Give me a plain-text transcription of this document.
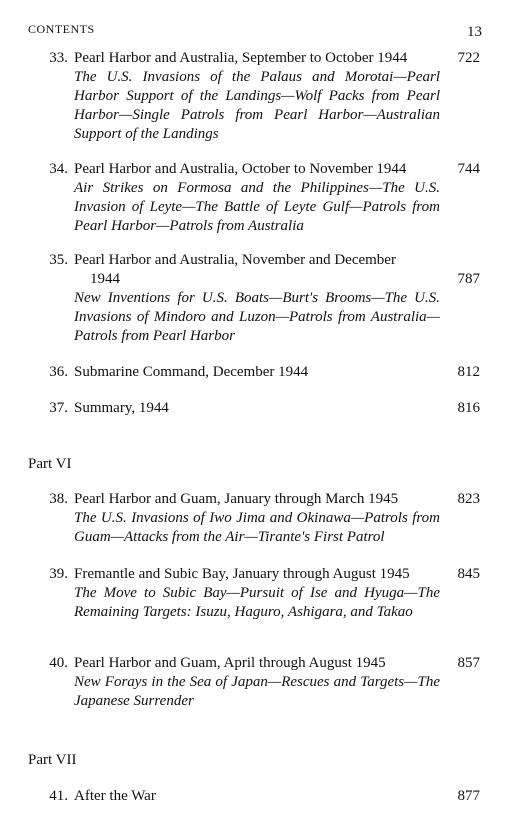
CONTENTS	13
33. Pearl Harbor and Australia, September to October 1944	722
The U.S. Invasions of the Palaus and Morotai—Pearl Harbor Support of the Landings—Wolf Packs from Pearl Harbor—Single Patrols from Pearl Harbor—Australian Support of the Landings
34. Pearl Harbor and Australia, October to November 1944	744
Air Strikes on Formosa and the Philippines—The U.S. Invasion of Leyte—The Battle of Leyte Gulf—Patrols from Pearl Harbor—Patrols from Australia
35. Pearl Harbor and Australia, November and December
1944	787
New Inventions for U.S. Boats—Burt's Brooms—The U.S. Invasions of Mindoro and Luzon—Patrols from Australia—Patrols from Pearl Harbor
36. Submarine Command, December 1944	812
37. Summary, 1944	816
Part VI
38. Pearl Harbor and Guam, January through March 1945	823
The U.S. Invasions of Iwo Jima and Okinawa—Patrols from Guam—Attacks from the Air—Tirante's First Patrol
39. Fremantle and Subic Bay, January through August 1945	845
The Move to Subic Bay—Pursuit of Ise and Hyuga—The Remaining Targets: Isuzu, Haguro, Ashigara, and Takao
40. Pearl Harbor and Guam, April through August 1945	857
New Forays in the Sea of Japan—Rescues and Targets—The Japanese Surrender
Part VII
41. After the War	877
